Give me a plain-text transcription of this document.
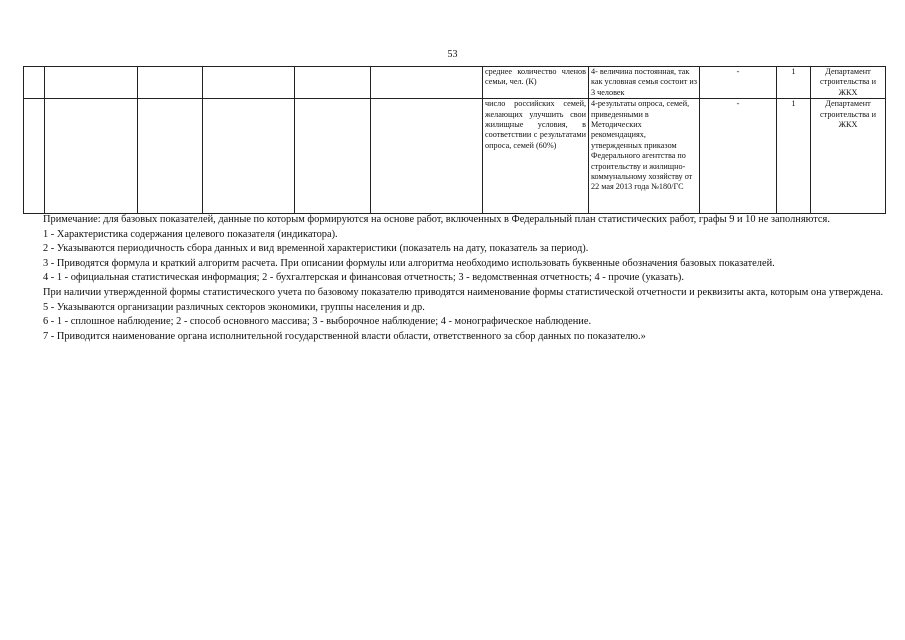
53
						среднее количество членов семьи, чел. (К)	4- величина постоянная, так как условная семья состоит из 3 человек	-	1	Департамент строительства и ЖКХ
						число российских семей, желающих улучшить свои жилищные условия, в соответствии с результатами опроса, семей (60%)	4-результаты опроса, семей, приведенными в Методических рекомендациях, утвержденных приказом Федерального агентства по строительству и жилищно-коммунальному хозяйству от 22 мая 2013 года №180/ГС	-	1	Департамент строительства и ЖКХ

Примечание: для базовых показателей, данные по которым формируются на основе работ, включенных в Федеральный план статистических работ, графы 9 и 10 не заполняются.

1 - Характеристика содержания целевого показателя (индикатора).

2 - Указываются периодичность сбора данных и вид временной характеристики (показатель на дату, показатель за период).

3 - Приводятся формула и краткий алгоритм расчета. При описании формулы или алгоритма необходимо использовать буквенные обозначения базовых показателей.

4 - 1 - официальная статистическая информация; 2 - бухгалтерская и финансовая отчетность; 3 - ведомственная отчетность; 4 - прочие (указать).

При наличии утвержденной формы статистического учета по базовому показателю приводятся наименование формы статистической отчетности и реквизиты акта, которым она утверждена.

5 - Указываются организации различных секторов экономики, группы населения и др.

6 - 1 - сплошное наблюдение; 2 - способ основного массива; 3 - выборочное наблюдение; 4 - монографическое наблюдение.

7 - Приводится наименование органа исполнительной государственной власти области, ответственного за сбор данных по показателю.»
